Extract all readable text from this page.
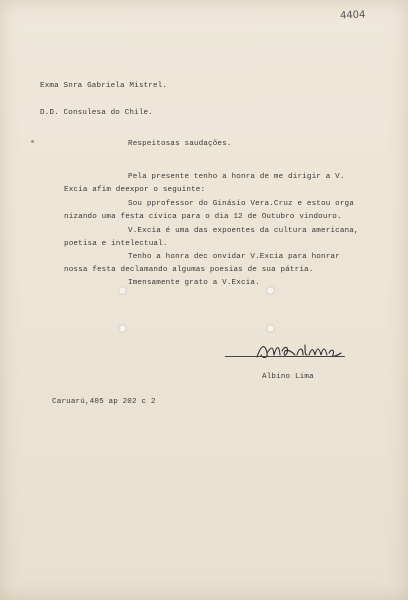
4404
Exma Snra Gabriela Mistrel.
D.D. Consulesa do Chile.
Respeitosas saudações.
Pela presente tenho a honra de me dirigir a V.
Excia afim deexpor o seguinte:
Sou pprofessor do Ginásio Vera.Cruz e estou orga
nizando uma festa cívica para o dia 12 de Outubro vindouro.
V.Excia é uma das expoentes da cultura americana,
poetisa e intelectual.
Tenho a honra dec onvidar V.Excia para honrar
nossa festa declamando algumas poesias de sua pátria.
Imensamente grato a V.Excia.
Albino Lima
Caruarú,405 ap 202 c 2
